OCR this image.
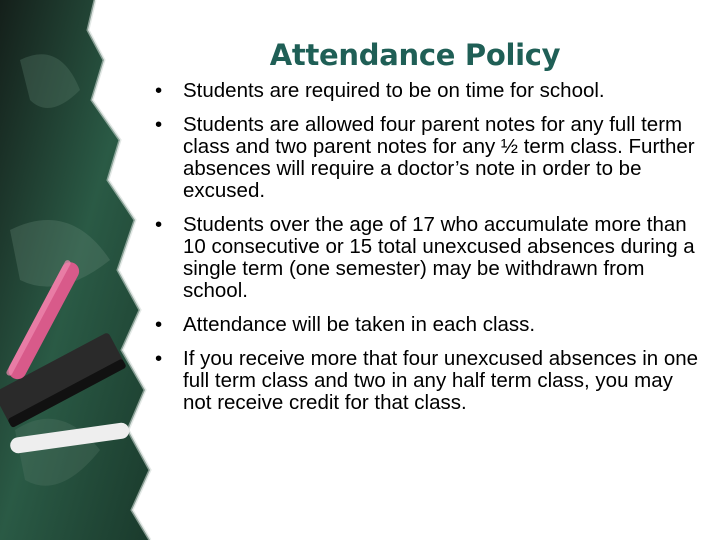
Attendance Policy
• Students are required to be on time for school.
• Students are allowed four parent notes for any full term class and two parent notes for any ½ term class. Further absences will require a doctor’s note in order to be excused.
• Students over the age of 17 who accumulate more than 10 consecutive or 15 total unexcused absences during a single term (one semester) may be withdrawn from school.
• Attendance will be taken in each class.
• If you receive more that four unexcused absences in one full term class and two in any half term class, you may not receive credit for that class.
